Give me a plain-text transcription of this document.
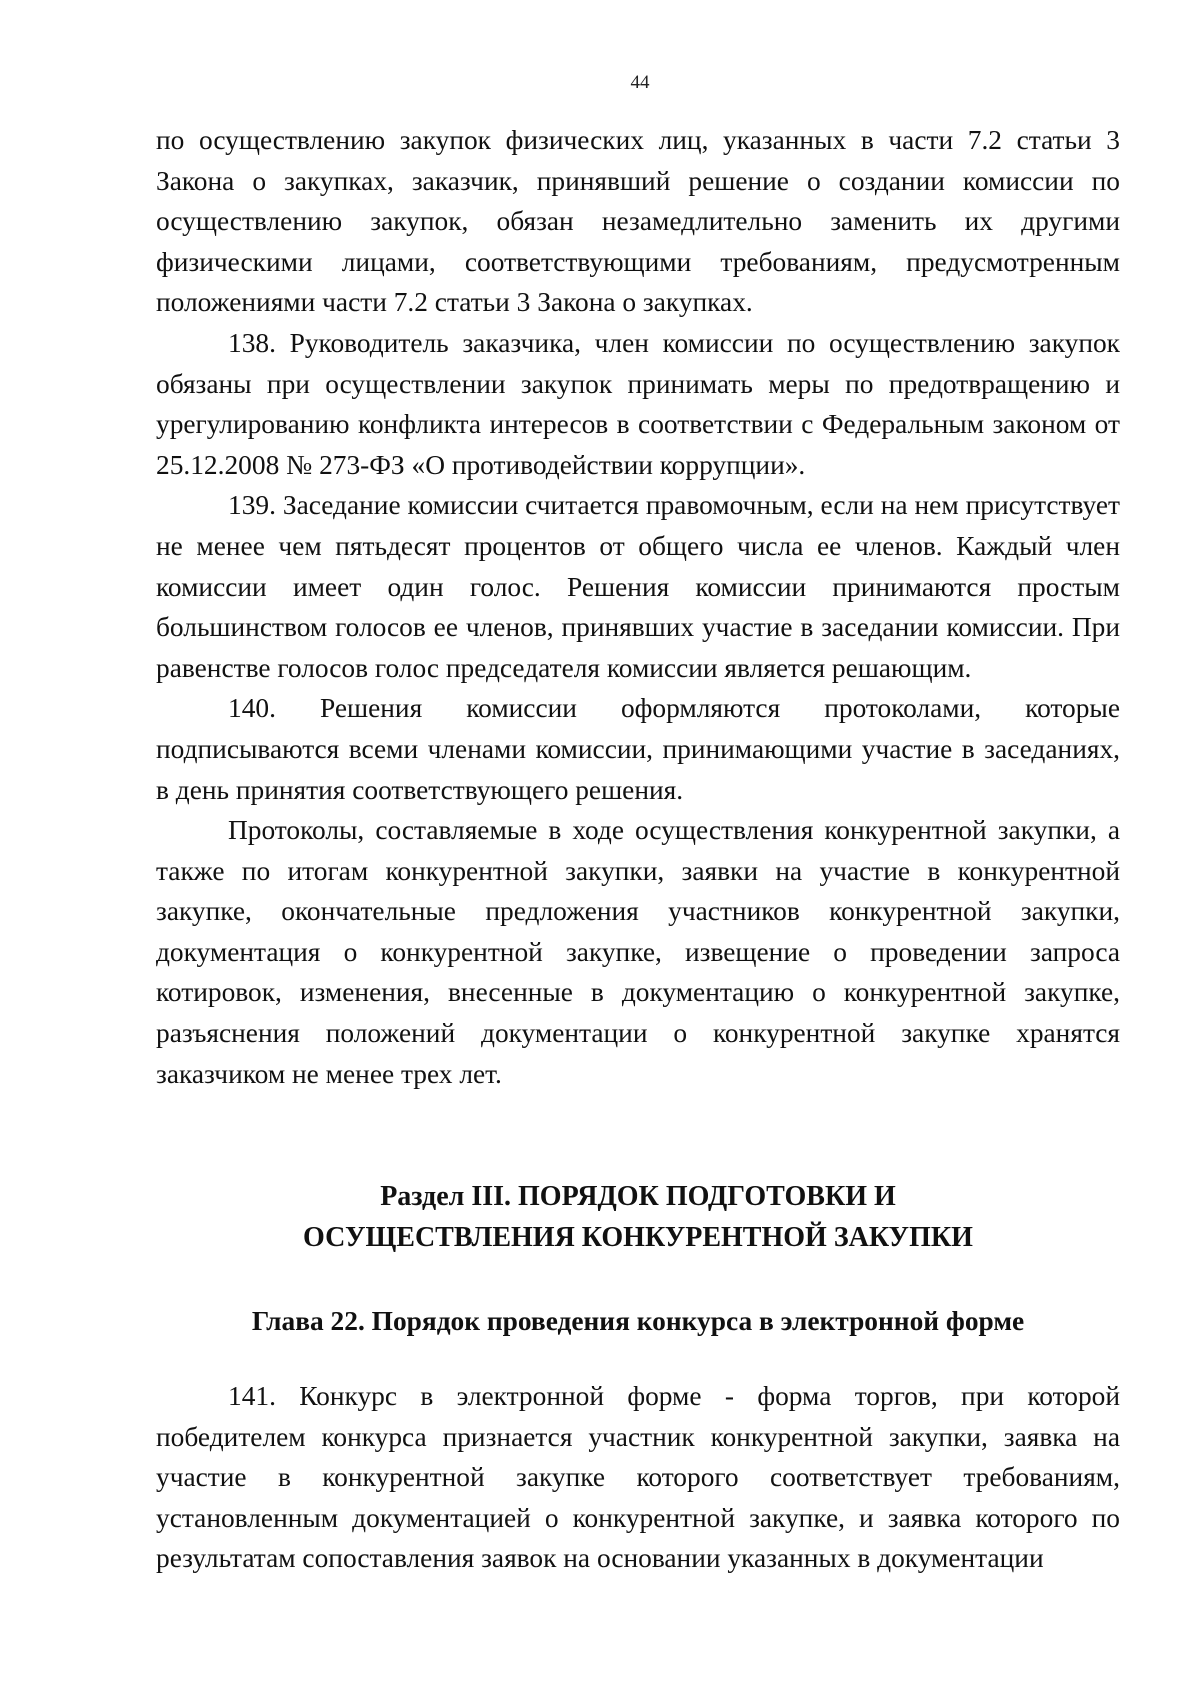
44

по осуществлению закупок физических лиц, указанных в части 7.2 статьи 3 Закона о закупках, заказчик, принявший решение о создании комиссии по осуществлению закупок, обязан незамедлительно заменить их другими физическими лицами, соответствующими требованиям, предусмотренным положениями части 7.2 статьи 3 Закона о закупках.

138. Руководитель заказчика, член комиссии по осуществлению закупок обязаны при осуществлении закупок принимать меры по предотвращению и урегулированию конфликта интересов в соответствии с Федеральным законом от 25.12.2008 № 273-ФЗ «О противодействии коррупции».

139. Заседание комиссии считается правомочным, если на нем присутствует не менее чем пятьдесят процентов от общего числа ее членов. Каждый член комиссии имеет один голос. Решения комиссии принимаются простым большинством голосов ее членов, принявших участие в заседании комиссии. При равенстве голосов голос председателя комиссии является решающим.

140. Решения комиссии оформляются протоколами, которые подписываются всеми членами комиссии, принимающими участие в заседаниях, в день принятия соответствующего решения.

Протоколы, составляемые в ходе осуществления конкурентной закупки, а также по итогам конкурентной закупки, заявки на участие в конкурентной закупке, окончательные предложения участников конкурентной закупки, документация о конкурентной закупке, извещение о проведении запроса котировок, изменения, внесенные в документацию о конкурентной закупке, разъяснения положений документации о конкурентной закупке хранятся заказчиком не менее трех лет.

Раздел III. ПОРЯДОК ПОДГОТОВКИ И
ОСУЩЕСТВЛЕНИЯ КОНКУРЕНТНОЙ ЗАКУПКИ
Глава 22. Порядок проведения конкурса в электронной форме

141. Конкурс в электронной форме - форма торгов, при которой победителем конкурса признается участник конкурентной закупки, заявка на участие в конкурентной закупке которого соответствует требованиям, установленным документацией о конкурентной закупке, и заявка которого по результатам сопоставления заявок на основании указанных в документации
